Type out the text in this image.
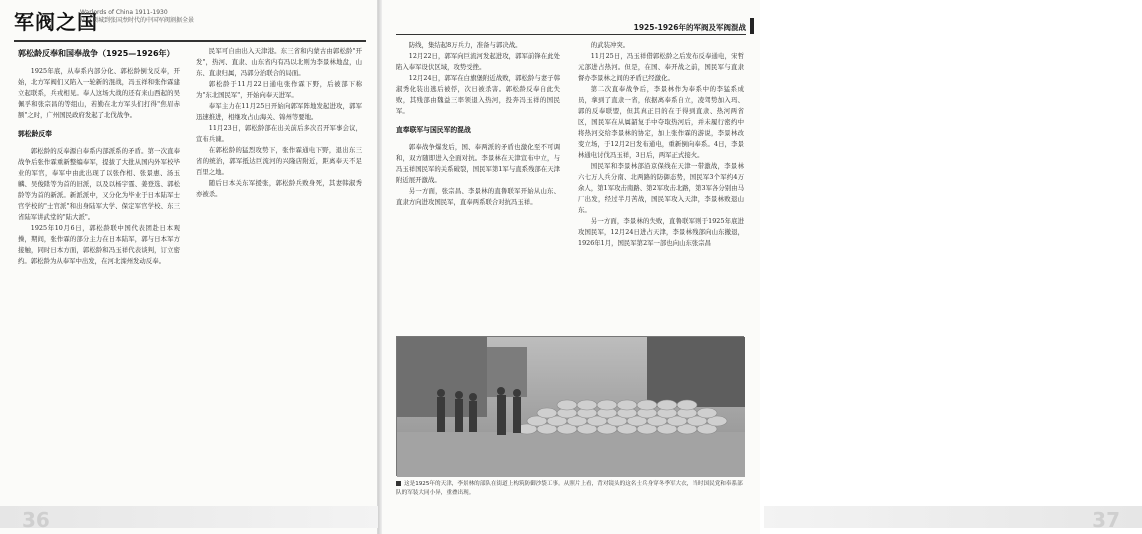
军阀之国
Warlords of China 1911-1930
从袁项城到张国焘时代的中国军阀割据全景
郭松龄反奉和国奉战争（1925—1926年）

1925年底，从奉系内部分化、郭松龄倒戈反奉，开始，北方军阀们又陷入一轮新的混战，冯玉祥和张作霖建立起联系，兵戎相见。奉人这场大战的还有来山西起的吴佩孚和张宗昌的等组山，若勤在北方军头们打得"焦眉赤额"之时，广州国民政府发起了北伐战争。

郭松龄反奉

郭松龄的反奉源自奉系内部派系的矛盾。第一次直奉战争后张作霖重新整编奉军，提拔了大批从国内外军校毕业的军官，奉军中由此出现了以张作相、张景惠、汤玉麟、吴俊陞等为首的旧派，以及以杨宇霆、姜登选、郭松龄等为首的新派。新派派中，又分化为毕业于日本陆军士官学校的"士官派"和出身陆军大学、保定军官学校、东三省陆军讲武堂的"陆大派"。

1925年10月6日，郭松龄联中国代表团赴日本观操，期间，张作霖的部分主力在日本陆军，郭与日本军方接触，同时日本方面，郭松龄和冯玉祥代表谈判，订立密约。郭松龄为从奉军中出发，在河北滦州发动反奉。

民军可自由出入天津港。东三省和内蒙古由郭松龄"开发"，热河、直隶、山东省内有冯以北则为李景林地盘，山东、直隶归属，冯郭分治联合的局面。

郭松龄于11月22日通电张作霖下野，后被部下称为"东北国民军"，开始向奉天进军。

奉军主力在11月25日开始向郭军阵地发起进攻，郭军迅速推进，相继攻占山海关、锦州等要地。

11月23日，郭松龄部在出关前后多次召开军事会议，宣布兵谏。

在郭松龄的猛烈攻势下，张作霖通电下野，退出东三省的统治，郭军抵达巨流河的兴隆店附近，距离奉天不足百里之地。

随后日本关东军援张，郭松龄兵败身死，其妻韩淑秀亦被杀。

36
1925-1926年的军阀及军阀混战

防线，集结起8万兵力，准备与郭决战。

12月22日，郭军向巨流河发起进攻，郭军前锋在此处陷入奉军设伏区域，攻势受挫。

12月24日，郭军在白旗堡附近战败，郭松龄与妻子韩淑秀化装出逃后被俘，次日被杀害。郭松龄反奉自此失败，其残部由魏益三率领退入热河，投奔冯玉祥的国民军。

直奉联军与国民军的混战

郭奉战争爆发后，国、奉两派的矛盾也激化至不可调和，双方随即进入全面对抗。李景林在天津宣布中立，与冯玉祥国民军的关系破裂，国民军第1军与直系残部在天津附近展开激战。

另一方面，张宗昌、李景林的直鲁联军开始从山东、直隶方向进攻国民军，直奉两系联合对抗冯玉祥。

的武装冲突。

11月25日，冯玉祥借郭松龄之后发布反奉通电，宋哲元部进占热河。但是，在国、奉开战之前，国民军与直隶督办李景林之间的矛盾已经激化。

第二次直奉战争后，李景林作为奉系中的李猛系成员，拿到了直隶一省，依据离奉系自立，凌驾势加入玛、郭的反奉联盟，但其真正目的在于得到直隶、热河两省区，国民军在从属韶复手中夺取热河后，并未履行密约中将热河交给李景林的协定，加上张作霖的游说，李景林改变立场，于12月2日发布通电，重新倒向奉系。4日，李景林通电讨伐冯玉祥，3日后，两军正式接火。

国民军和李景林部沿京保线在天津一带激战，李景林六七万人兵分南、北两路的防御态势，国民军3个军约4万余人，第1军攻击南路、第2军攻击北路，第3军各分别由马厂出发，经过半月苦战，国民军攻入天津，李景林败退山东。

另一方面，李景林的失败，直鲁联军则于1925年底进攻国民军，12月24日进占天津，李景林残部向山东撤退，1926年1月，国民军第2军一部也向山东张宗昌

这是1925年的天津，李景林的部队在街道上构筑防御沙袋工事。从照片上看，背对镜头的这名士兵身穿冬季军大衣，当时国民党和奉系部队的军装大同小异，重叠出现。
37
